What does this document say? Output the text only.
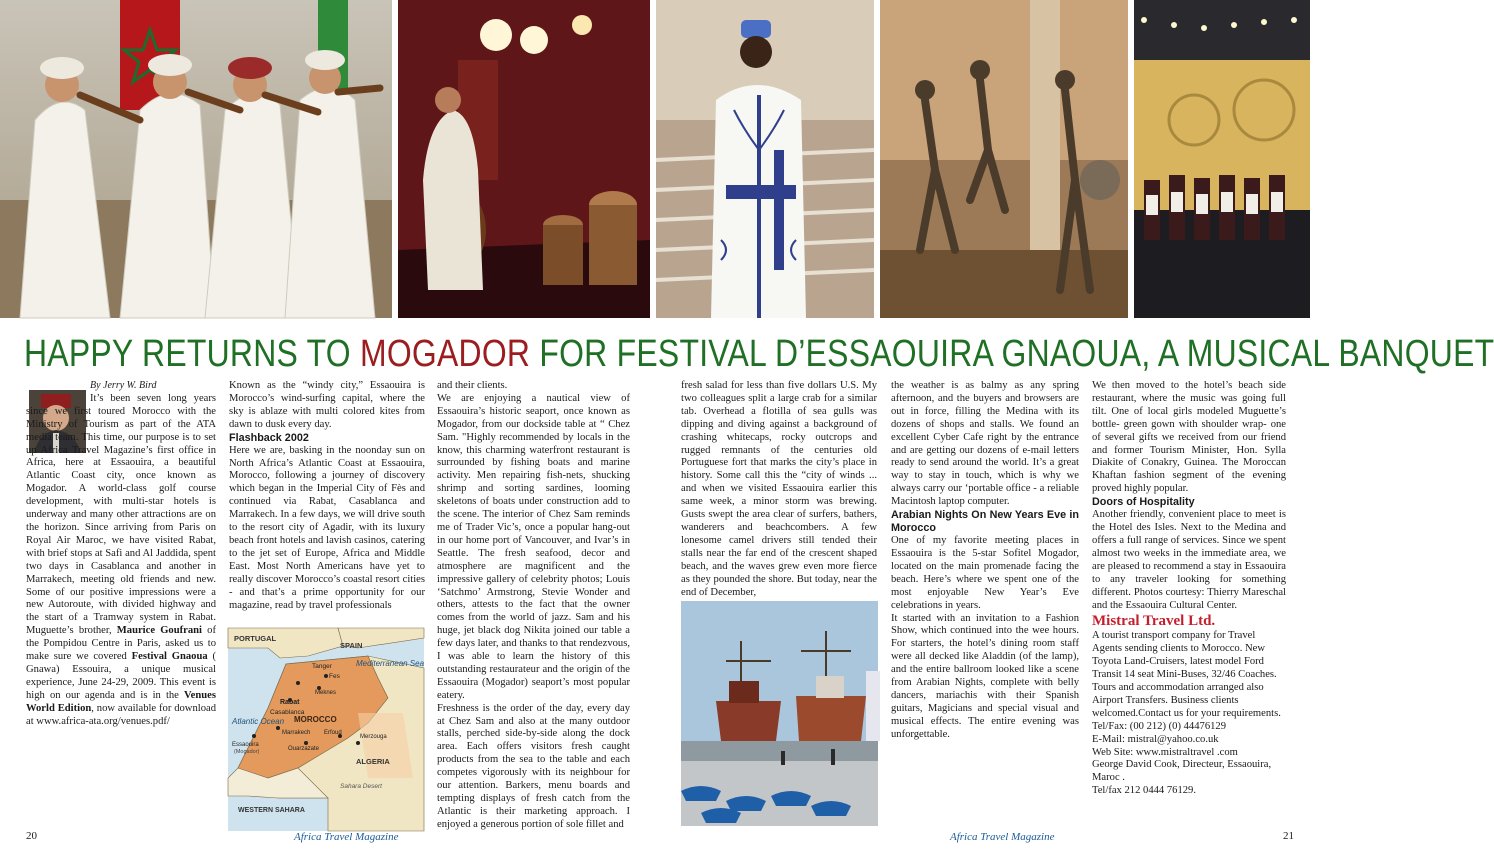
HAPPY RETURNS TO MOGADOR FOR FESTIVAL D’ESSAOUIRA GNAOUA, A MUSICAL BANQUET

By Jerry W. Bird

It’s been seven long years since we first toured Morocco with the Ministry of Tourism as part of the ATA media team. This time, our purpose is to set up Africa Travel Magazine’s first office in Africa, here at Essaouira, a beautiful Atlantic Coast city, once known as Mogador. A world-class golf course development, with multi-star hotels is underway and many other attractions are on the horizon. Since arriving from Paris on Royal Air Maroc, we have visited Rabat, with brief stops at Safi and Al Jaddida, spent two days in Casablanca and another in Marrakech, meeting old friends and new. Some of our positive impressions were a new Autoroute, with divided highway and the start of a Tramway system in Rabat. Muguette’s brother, Maurice Goufrani of the Pompidou Centre in Paris, asked us to make sure we covered Festival Gnaoua ( Gnawa) Essouira, a unique musical experience, June 24-29, 2009. This event is high on our agenda and is in the Venues World Edition, now available for download at www.africa-ata.org/venues.pdf/

Known as the “windy city,” Essaouira is Morocco’s wind-surfing capital, where the sky is ablaze with multi colored kites from dawn to dusk every day.

Flashback 2002

Here we are, basking in the noonday sun on North Africa’s Atlantic Coast at Essaouira, Morocco, following a journey of discovery which began in the Imperial City of Fès and continued via Rabat, Casablanca and Marrakech. In a few days, we will drive south to the resort city of Agadir, with its luxury beach front hotels and lavish casinos, catering to the jet set of Europe, Africa and Middle East. Most North Americans have yet to really discover Morocco’s coastal resort cities - and that’s a prime opportunity for our magazine, read by travel professionals

PORTUGAL
SPAIN
Mediterranean Sea
Tanger
Rabat
Fes
Meknes
Casablanca
Atlantic Ocean MOROCCO
Marrakech
Essaouira
(Mogador)
Erfoud
Merzouga
Ouarzazate
ALGERIA
Sahara Desert
WESTERN SAHARA

and their clients.
We are enjoying a nautical view of Essaouira’s historic seaport, once known as Mogador, from our dockside table at “ Chez Sam. "Highly recommended by locals in the know, this charming waterfront restaurant is surrounded by fishing boats and marine activity. Men repairing fish-nets, shucking shrimp and sorting sardines, looming skeletons of boats under construction add to the scene. The interior of Chez Sam reminds me of Trader Vic’s, once a popular hang-out in our home port of Vancouver, and Ivar’s in Seattle. The fresh seafood, decor and atmosphere are magnificent and the impressive gallery of celebrity photos; Louis ‘Satchmo’ Armstrong, Stevie Wonder and others, attests to the fact that the owner comes from the world of jazz. Sam and his huge, jet black dog Nikita joined our table a few days later, and thanks to that rendezvous, I was able to learn the history of this outstanding restaurateur and the origin of the Essaouira (Mogador) seaport’s most popular eatery.
Freshness is the order of the day, every day at Chez Sam and also at the many outdoor stalls, perched side-by-side along the dock area. Each offers visitors fresh caught products from the sea to the table and each competes vigorously with its neighbour for our attention. Barkers, menu boards and tempting displays of fresh catch from the Atlantic is their marketing approach. I enjoyed a generous portion of sole fillet and

fresh salad for less than five dollars U.S. My two colleagues split a large crab for a similar tab. Overhead a flotilla of sea gulls was dipping and diving against a background of crashing whitecaps, rocky outcrops and rugged remnants of the centuries old Portuguese fort that marks the city’s place in history. Some call this the “city of winds ... and when we visited Essaouira earlier this same week, a minor storm was brewing. Gusts swept the area clear of surfers, bathers, wanderers and beachcombers. A few lonesome camel drivers still tended their stalls near the far end of the crescent shaped beach, and the waves grew even more fierce as they pounded the shore. But today, near the end of December,

the weather is as balmy as any spring afternoon, and the buyers and browsers are out in force, filling the Medina with its dozens of shops and stalls. We found an excellent Cyber Cafe right by the entrance and are getting our dozens of e-mail letters ready to send around the world. It’s a great way to stay in touch, which is why we always carry our ‘portable office - a reliable Macintosh laptop computer.

Arabian Nights On New Years Eve in Morocco

One of my favorite meeting places in Essaouira is the 5-star Sofitel Mogador, located on the main promenade facing the beach. Here’s where we spent one of the most enjoyable New Year’s Eve celebrations in years.
It started with an invitation to a Fashion Show, which continued into the wee hours. For starters, the hotel’s dining room staff were all decked like Aladdin (of the lamp), and the entire ballroom looked like a scene from Arabian Nights, complete with belly dancers, mariachis with their Spanish guitars, Magicians and special visual and musical effects. The entire evening was unforgettable.

We then moved to the hotel’s beach side restaurant, where the music was going full tilt. One of local girls modeled Muguette’s bottle- green gown with shoulder wrap- one of several gifts we received from our friend and former Tourism Minister, Hon. Sylla Diakite of Conakry, Guinea. The Moroccan Khaftan fashion segment of the evening proved highly popular.

Doors of Hospitality

Another friendly, convenient place to meet is the Hotel des Isles. Next to the Medina and offers a full range of services. Since we spent almost two weeks in the immediate area, we are pleased to recommend a stay in Essaouira to any traveler looking for something different. Photos courtesy: Thierry Mareschal and the Essaouira Cultural Center.

Mistral Travel Ltd.

A tourist transport company for Travel Agents sending clients to Morocco. New Toyota Land-Cruisers, latest model Ford Transit 14 seat Mini-Buses, 32/46 Coaches. Tours and accommodation arranged also Airport Transfers. Business clients welcomed.Contact us for your requirements.
Tel/Fax: (00 212) (0) 44476129
E-Mail: mistral@yahoo.co.uk
Web Site: www.mistraltravel .com
George David Cook, Directeur, Essaouira, Maroc .
Tel/fax 212 0444 76129.

20	Africa Travel Magazine	Africa Travel Magazine	21
